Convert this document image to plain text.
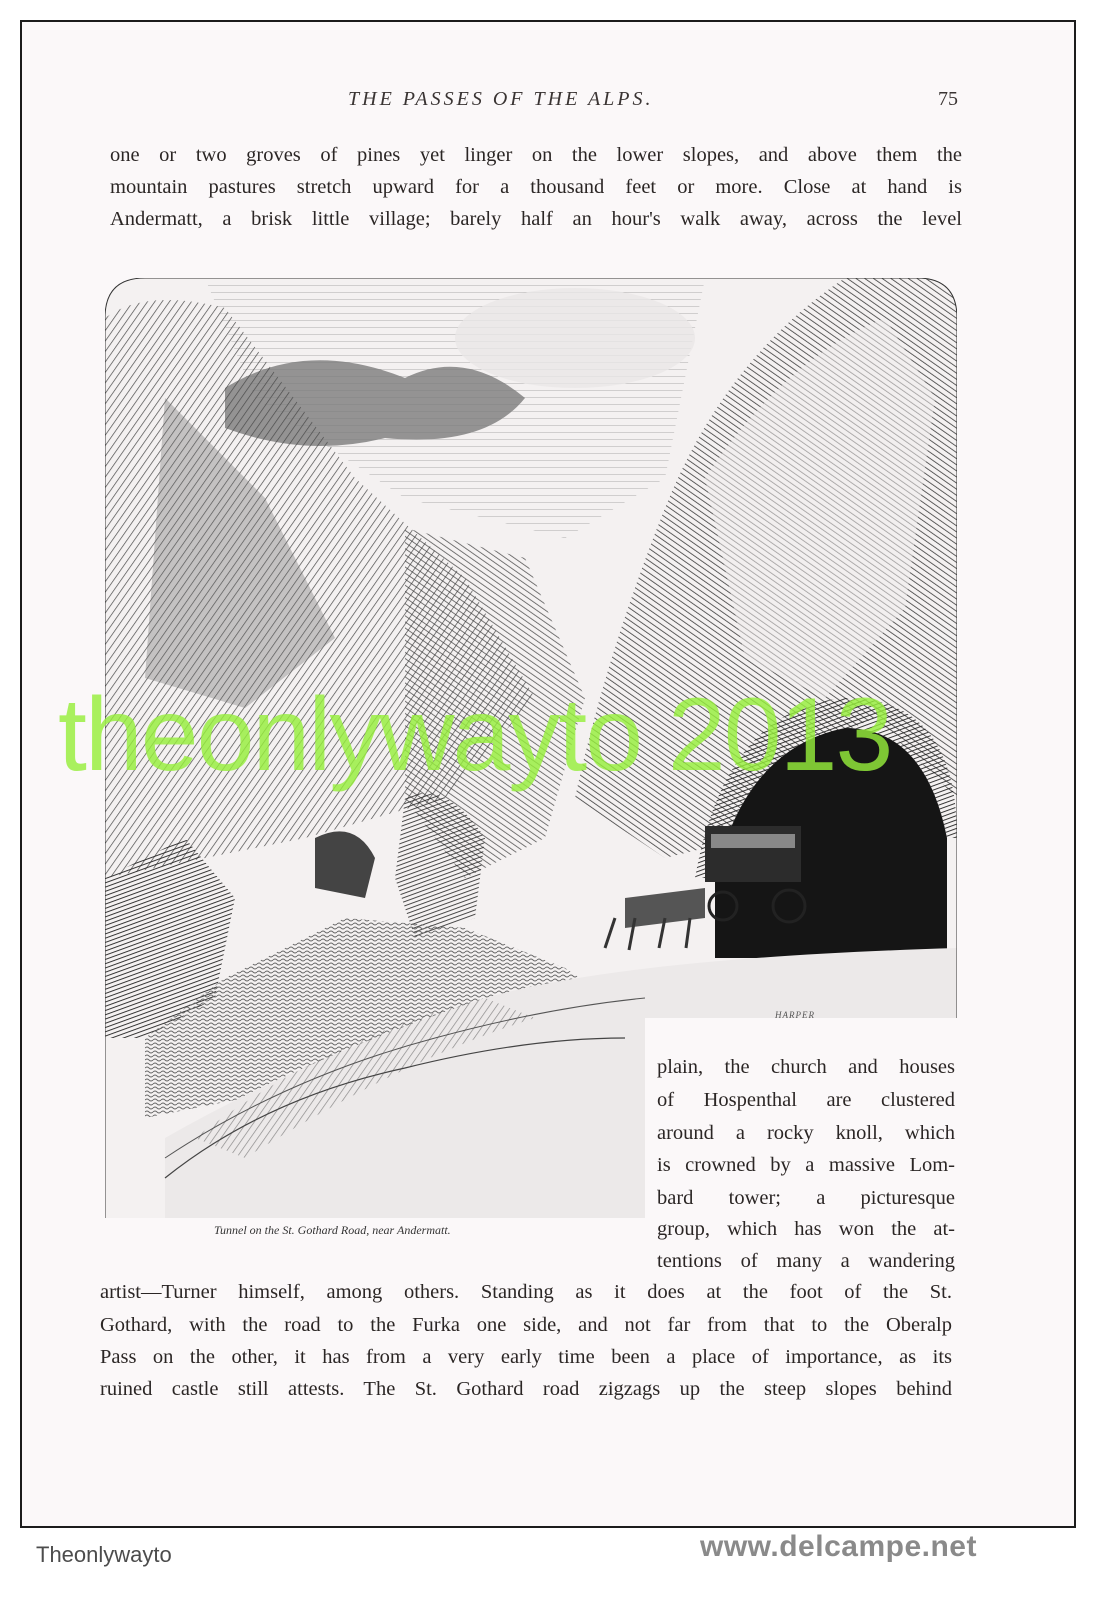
THE PASSES OF THE ALPS.	75
one or two groves of pines yet linger on the lower slopes, and above them the
mountain pastures stretch upward for a thousand feet or more. Close at hand is
Andermatt, a brisk little village; barely half an hour's walk away, across the level
HARPER
plain, the church and houses
of Hospenthal are clustered
around a rocky knoll, which
is crowned by a massive Lom-
bard tower; a picturesque
group, which has won the at-
tentions of many a wandering
Tunnel on the St. Gothard Road, near Andermatt.
artist—Turner himself, among others. Standing as it does at the foot of the St.
Gothard, with the road to the Furka one side, and not far from that to the Oberalp
Pass on the other, it has from a very early time been a place of importance, as its
ruined castle still attests. The St. Gothard road zigzags up the steep slopes behind
theonlywayto 2013
Theonlywayto	www.delcampe.net
